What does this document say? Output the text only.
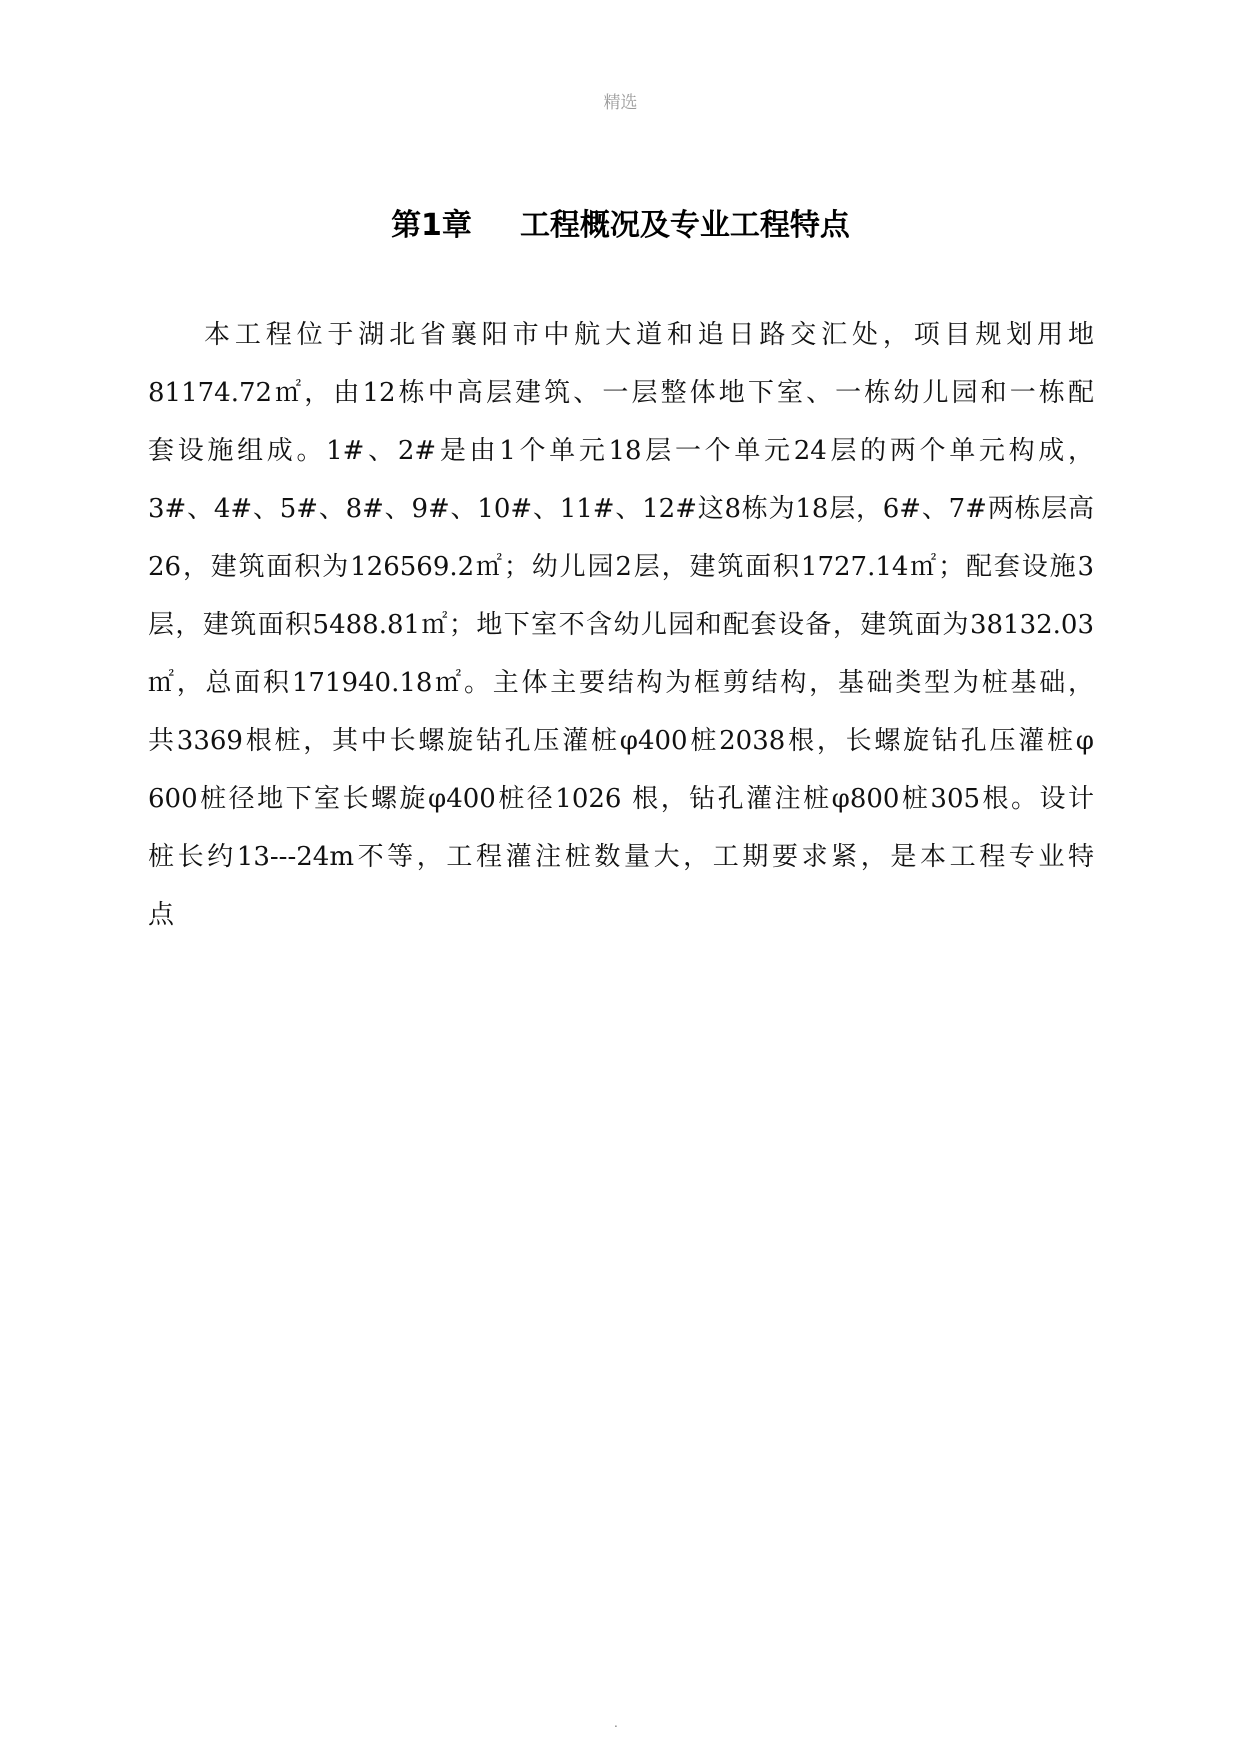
精选
第1章 工程概况及专业工程特点
本工程位于湖北省襄阳市中航大道和追日路交汇处，项目规划用地
81174.72㎡，由12栋中高层建筑、一层整体地下室、一栋幼儿园和一栋配
套设施组成。1#、2#是由1个单元18层一个单元24层的两个单元构成，
3#、4#、5#、8#、9#、10#、11#、12#这8栋为18层，6#、7#两栋层高
26，建筑面积为126569.2㎡；幼儿园2层，建筑面积1727.14㎡；配套设施3
层，建筑面积5488.81㎡；地下室不含幼儿园和配套设备，建筑面为38132.03
㎡，总面积171940.18㎡。主体主要结构为框剪结构，基础类型为桩基础，
共3369根桩，其中长螺旋钻孔压灌桩φ400桩2038根，长螺旋钻孔压灌桩φ
600桩径地下室长螺旋φ400桩径1026 根，钻孔灌注桩φ800桩305根。设计
桩长约13---24m不等，工程灌注桩数量大，工期要求紧，是本工程专业特
点
.
